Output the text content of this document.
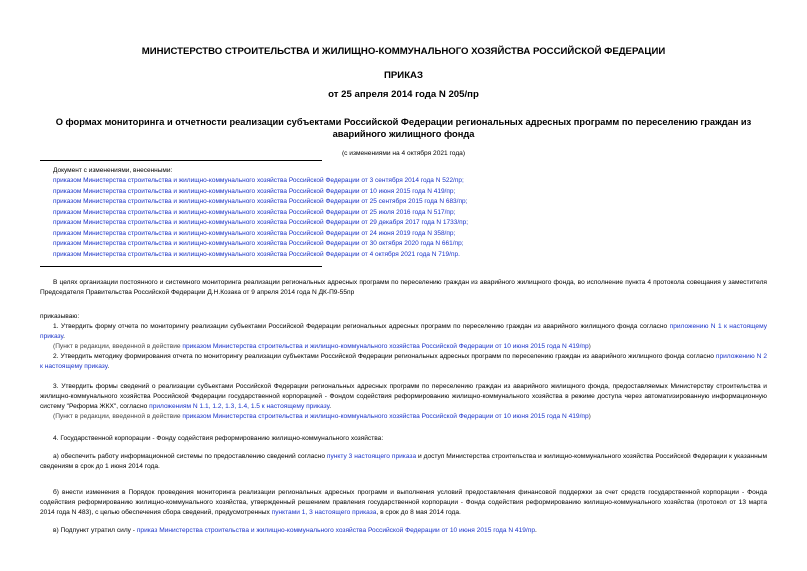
МИНИСТЕРСТВО СТРОИТЕЛЬСТВА И ЖИЛИЩНО-КОММУНАЛЬНОГО ХОЗЯЙСТВА РОССИЙСКОЙ ФЕДЕРАЦИИ
ПРИКАЗ
от 25 апреля 2014 года N 205/пр
О формах мониторинга и отчетности реализации субъектами Российской Федерации региональных адресных программ по переселению граждан из аварийного жилищного фонда
(с изменениями на 4 октября 2021 года)
Документ с изменениями, внесенными:
приказом Министерства строительства и жилищно-коммунального хозяйства Российской Федерации от 3 сентября 2014 года N 522/пр;
приказом Министерства строительства и жилищно-коммунального хозяйства Российской Федерации от 10 июня 2015 года N 419/пр;
приказом Министерства строительства и жилищно-коммунального хозяйства Российской Федерации от 25 сентября 2015 года N 683/пр;
приказом Министерства строительства и жилищно-коммунального хозяйства Российской Федерации от 25 июля 2016 года N 517/пр;
приказом Министерства строительства и жилищно-коммунального хозяйства Российской Федерации от 29 декабря 2017 года N 1733/пр;
приказом Министерства строительства и жилищно-коммунального хозяйства Российской Федерации от 24 июня 2019 года N 358/пр;
приказом Министерства строительства и жилищно-коммунального хозяйства Российской Федерации от 30 октября 2020 года N 661/пр;
приказом Министерства строительства и жилищно-коммунального хозяйства Российской Федерации от 4 октября 2021 года N 719/пр.
В целях организации постоянного и системного мониторинга реализации региональных адресных программ по переселению граждан из аварийного жилищного фонда, во исполнение пункта 4 протокола совещания у заместителя Председателя Правительства Российской Федерации Д.Н.Козака от 9 апреля 2014 года N ДК-П9-55пр
приказываю:
1. Утвердить форму отчета по мониторингу реализации субъектами Российской Федерации региональных адресных программ по переселению граждан из аварийного жилищного фонда согласно приложению N 1 к настоящему приказу.
(Пункт в редакции, введенной в действие приказом Министерства строительства и жилищно-коммунального хозяйства Российской Федерации от 10 июня 2015 года N 419/пр)
2. Утвердить методику формирования отчета по мониторингу реализации субъектами Российской Федерации региональных адресных программ по переселению граждан из аварийного жилищного фонда согласно приложению N 2 к настоящему приказу.
3. Утвердить формы сведений о реализации субъектами Российской Федерации региональных адресных программ по переселению граждан из аварийного жилищного фонда, предоставляемых Министерству строительства и жилищно-коммунального хозяйства Российской Федерации государственной корпорацией - Фондом содействия реформированию жилищно-коммунального хозяйства в режиме доступа через автоматизированную информационную систему "Реформа ЖКХ", согласно приложениям N 1.1, 1.2, 1.3, 1.4, 1.5 к настоящему приказу.
(Пункт в редакции, введенной в действие приказом Министерства строительства и жилищно-коммунального хозяйства Российской Федерации от 10 июня 2015 года N 419/пр)
4. Государственной корпорации - Фонду содействия реформированию жилищно-коммунального хозяйства:
а) обеспечить работу информационной системы по предоставлению сведений согласно пункту 3 настоящего приказа и доступ Министерства строительства и жилищно-коммунального хозяйства Российской Федерации к указанным сведениям в срок до 1 июня 2014 года.
б) внести изменения в Порядок проведения мониторинга реализации региональных адресных программ и выполнения условий предоставления финансовой поддержки за счет средств государственной корпорации - Фонда содействия реформированию жилищно-коммунального хозяйства, утвержденный решением правления государственной корпорации - Фонда содействия реформированию жилищно-коммунального хозяйства (протокол от 13 марта 2014 года N 483), с целью обеспечения сбора сведений, предусмотренных пунктами 1, 3 настоящего приказа, в срок до 8 мая 2014 года.
в) Подпункт утратил силу - приказ Министерства строительства и жилищно-коммунального хозяйства Российской Федерации от 10 июня 2015 года N 419/пр.
